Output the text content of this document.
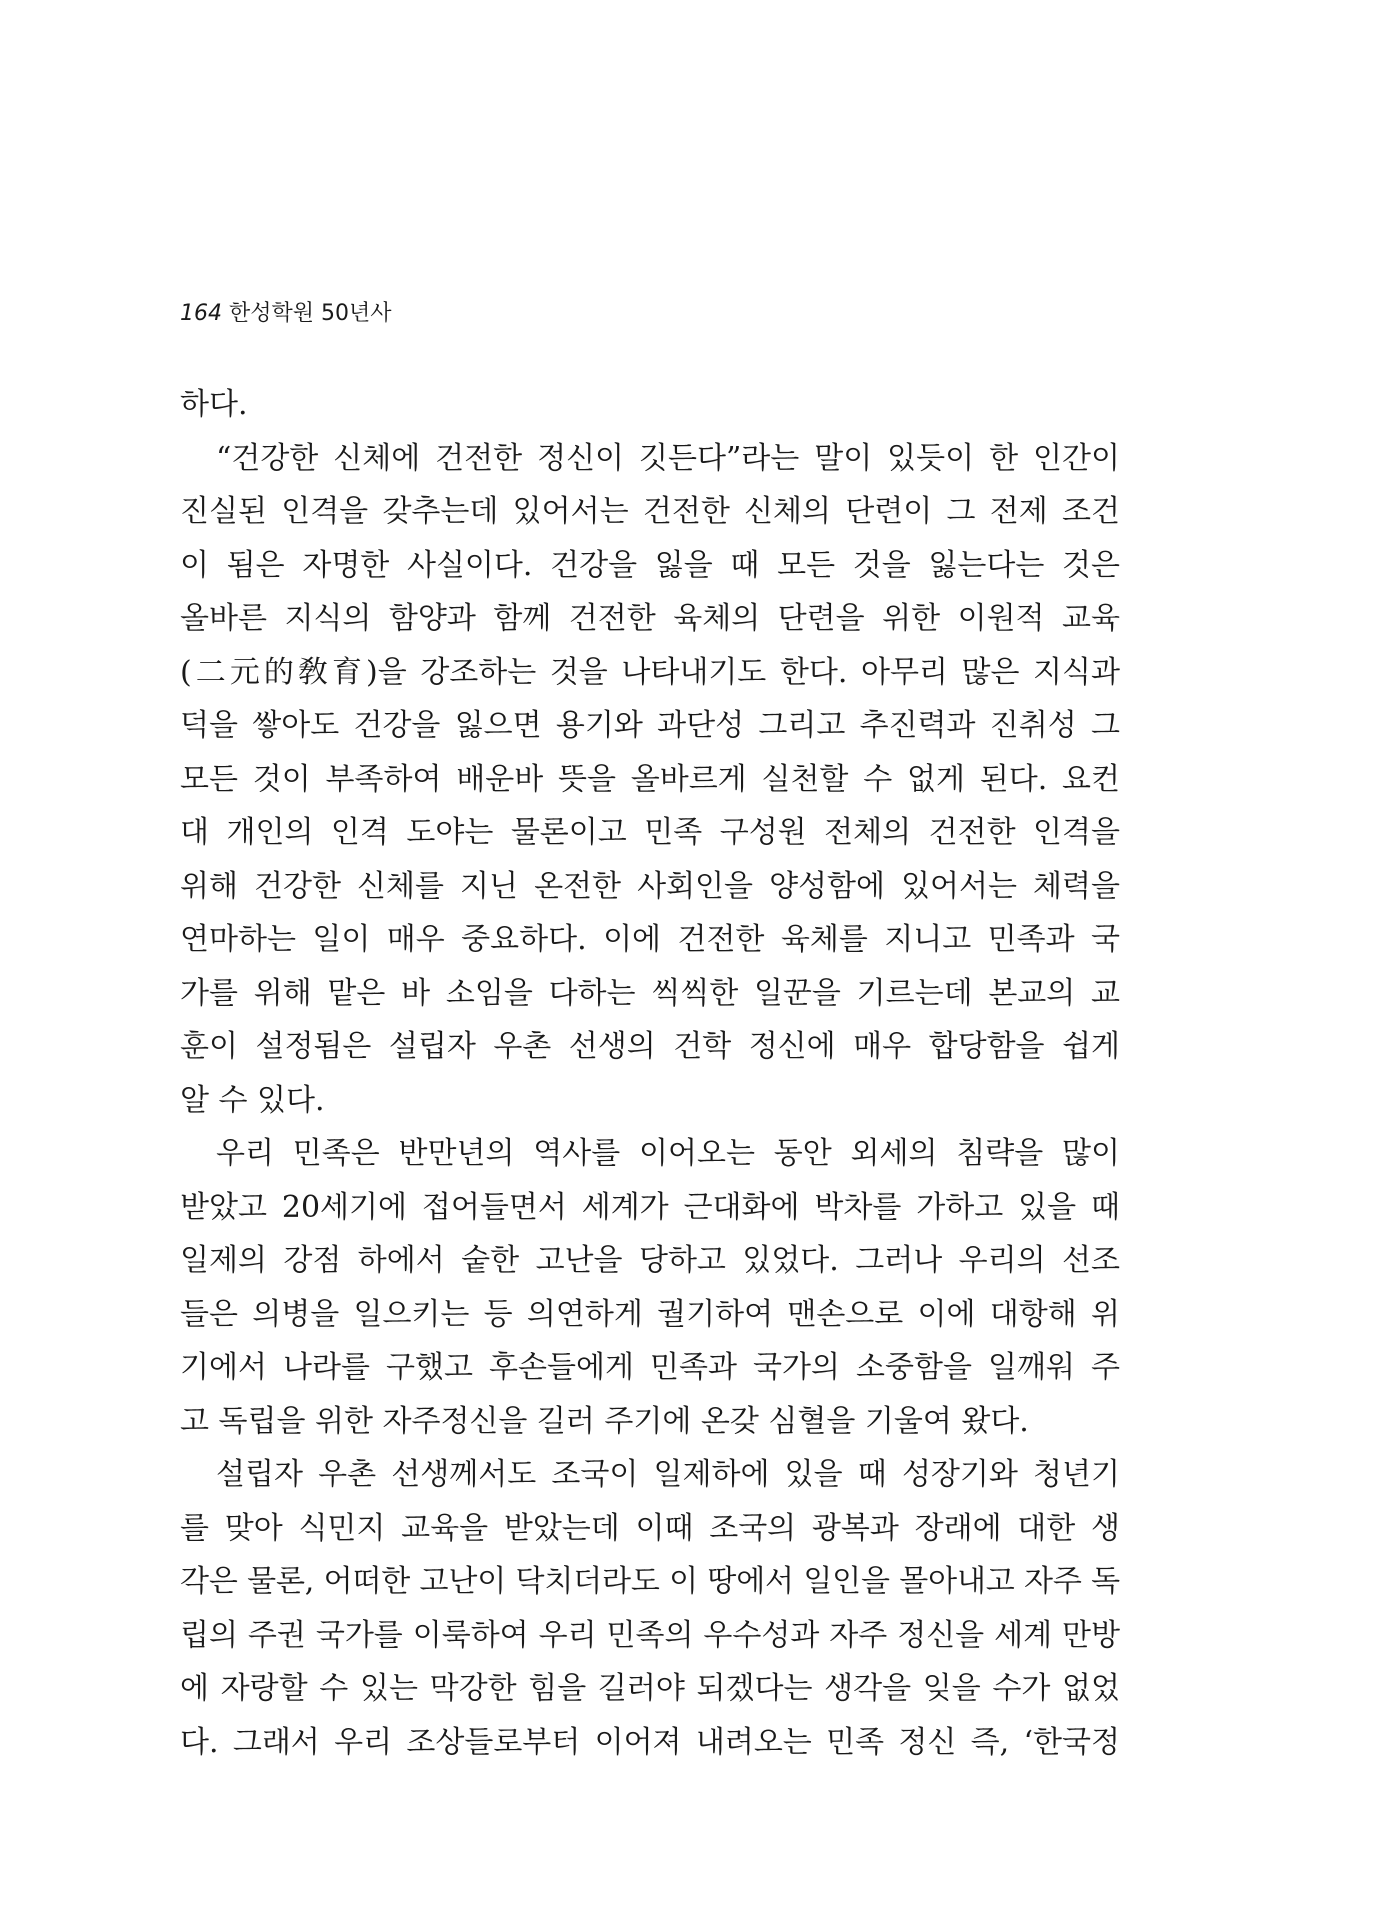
164 한성학원 50년사
하다.
“건강한 신체에 건전한 정신이 깃든다”라는 말이 있듯이 한 인간이
진실된 인격을 갖추는데 있어서는 건전한 신체의 단련이 그 전제 조건
이 됨은 자명한 사실이다. 건강을 잃을 때 모든 것을 잃는다는 것은
올바른 지식의 함양과 함께 건전한 육체의 단련을 위한 이원적 교육
(二元的敎育)을 강조하는 것을 나타내기도 한다. 아무리 많은 지식과
덕을 쌓아도 건강을 잃으면 용기와 과단성 그리고 추진력과 진취성 그
모든 것이 부족하여 배운바 뜻을 올바르게 실천할 수 없게 된다. 요컨
대 개인의 인격 도야는 물론이고 민족 구성원 전체의 건전한 인격을
위해 건강한 신체를 지닌 온전한 사회인을 양성함에 있어서는 체력을
연마하는 일이 매우 중요하다. 이에 건전한 육체를 지니고 민족과 국
가를 위해 맡은 바 소임을 다하는 씩씩한 일꾼을 기르는데 본교의 교
훈이 설정됨은 설립자 우촌 선생의 건학 정신에 매우 합당함을 쉽게
알 수 있다.
우리 민족은 반만년의 역사를 이어오는 동안 외세의 침략을 많이
받았고 20세기에 접어들면서 세계가 근대화에 박차를 가하고 있을 때
일제의 강점 하에서 숱한 고난을 당하고 있었다. 그러나 우리의 선조
들은 의병을 일으키는 등 의연하게 궐기하여 맨손으로 이에 대항해 위
기에서 나라를 구했고 후손들에게 민족과 국가의 소중함을 일깨워 주
고 독립을 위한 자주정신을 길러 주기에 온갖 심혈을 기울여 왔다.
설립자 우촌 선생께서도 조국이 일제하에 있을 때 성장기와 청년기
를 맞아 식민지 교육을 받았는데 이때 조국의 광복과 장래에 대한 생
각은 물론, 어떠한 고난이 닥치더라도 이 땅에서 일인을 몰아내고 자주 독
립의 주권 국가를 이룩하여 우리 민족의 우수성과 자주 정신을 세계 만방
에 자랑할 수 있는 막강한 힘을 길러야 되겠다는 생각을 잊을 수가 없었
다. 그래서 우리 조상들로부터 이어져 내려오는 민족 정신 즉, ‘한국정
